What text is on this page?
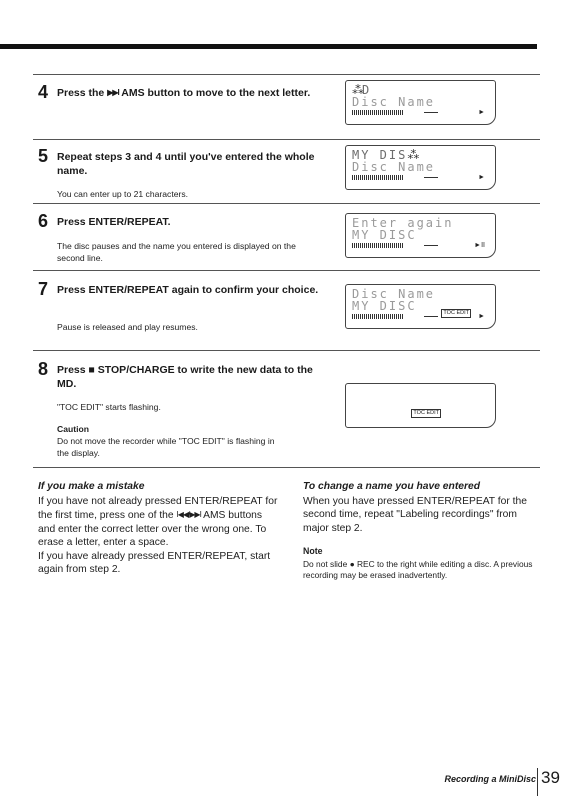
4 Press the ▶▶I AMS button to move to the next letter.	⁂D
Disc Name
►
5 Repeat steps 3 and 4 until you've entered the whole name.
You can enter up to 21 characters.
MY DIS⁂
Disc Name
►
6 Press ENTER/REPEAT.
The disc pauses and the name you entered is displayed on the second line.
Enter again
MY DISC
►II
7 Press ENTER/REPEAT again to confirm your choice.
Pause is released and play resumes.
Disc Name
MY DISC	TOC EDIT
►
8 Press ■ STOP/CHARGE to write the new data to the MD.
"TOC EDIT" starts flashing.
Caution
Do not move the recorder while "TOC EDIT" is flashing in the display.
TOC EDIT
If you make a mistake

If you have not already pressed ENTER/REPEAT for the first time, press one of the I◀◀/▶▶I AMS buttons and enter the correct letter over the wrong one. To erase a letter, enter a space.

If you have already pressed ENTER/REPEAT, start again from step 2.

To change a name you have entered

When you have pressed ENTER/REPEAT for the second time, repeat "Labeling recordings" from major step 2.

Note

Do not slide ● REC to the right while editing a disc. A previous recording may be erased inadvertently.

Recording a MiniDisc 39
